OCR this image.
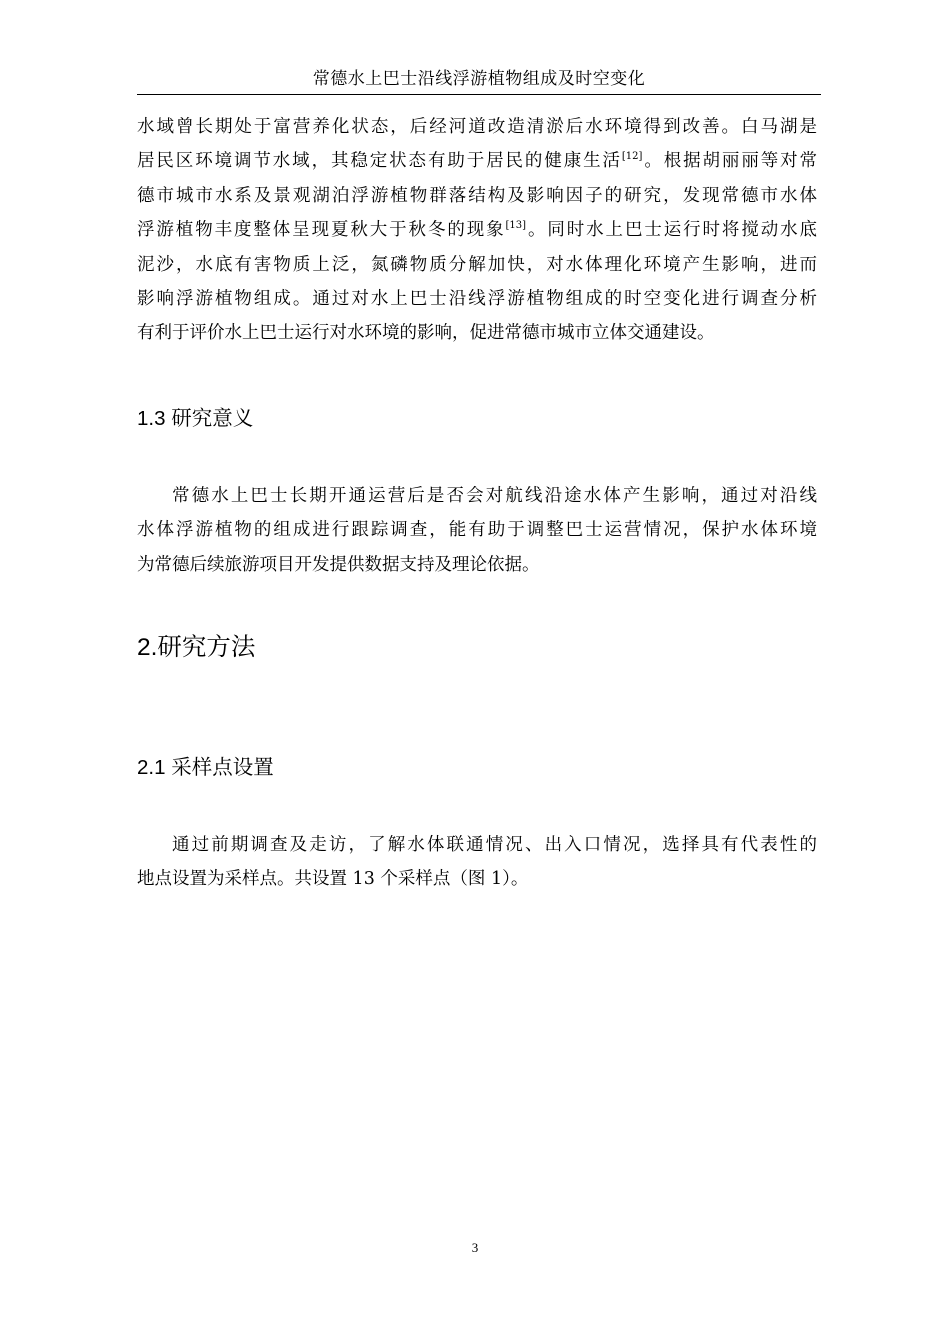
常德水上巴士沿线浮游植物组成及时空变化

水域曾长期处于富营养化状态，后经河道改造清淤后水环境得到改善。白马湖是
居民区环境调节水域，其稳定状态有助于居民的健康生活[12]。根据胡丽丽等对常
德市城市水系及景观湖泊浮游植物群落结构及影响因子的研究，发现常德市水体
浮游植物丰度整体呈现夏秋大于秋冬的现象[13]。同时水上巴士运行时将搅动水底
泥沙，水底有害物质上泛，氮磷物质分解加快，对水体理化环境产生影响，进而
影响浮游植物组成。通过对水上巴士沿线浮游植物组成的时空变化进行调查分析
有利于评价水上巴士运行对水环境的影响，促进常德市城市立体交通建设。

1.3 研究意义

常德水上巴士长期开通运营后是否会对航线沿途水体产生影响，通过对沿线
水体浮游植物的组成进行跟踪调查，能有助于调整巴士运营情况，保护水体环境
为常德后续旅游项目开发提供数据支持及理论依据。

2.研究方法
2.1 采样点设置

通过前期调查及走访，了解水体联通情况、出入口情况，选择具有代表性的
地点设置为采样点。共设置 13 个采样点（图 1）。

3
